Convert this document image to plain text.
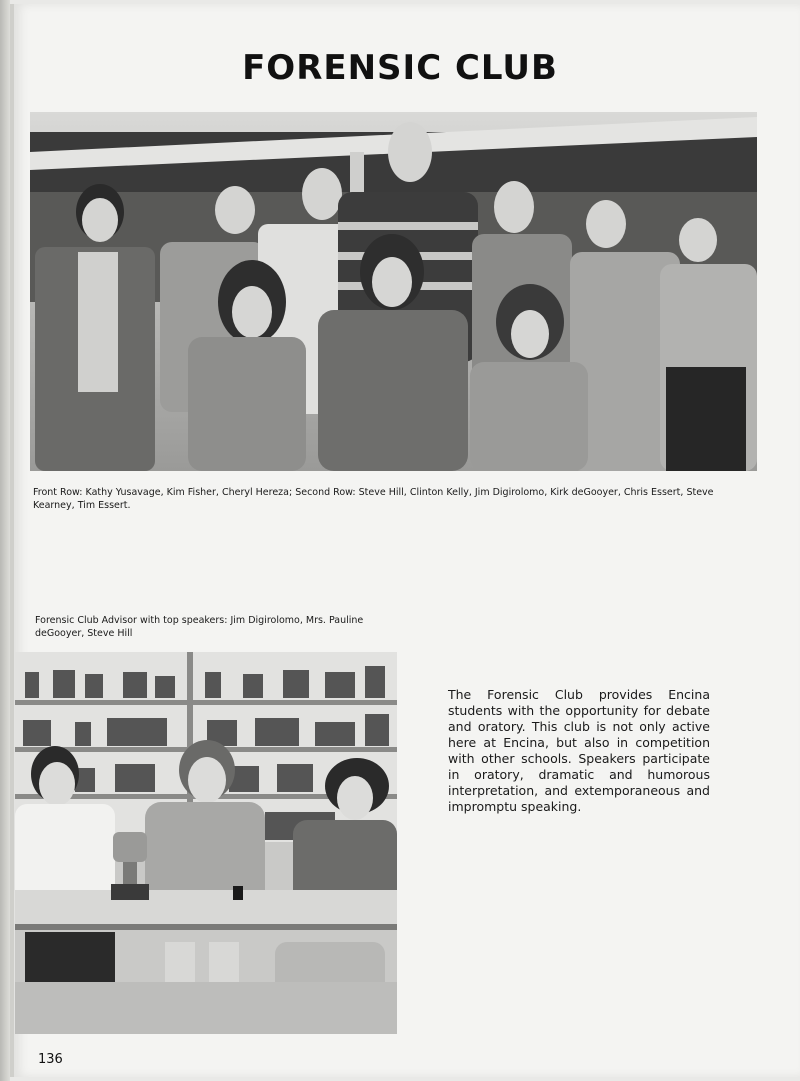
FORENSIC CLUB
Front Row: Kathy Yusavage, Kim Fisher, Cheryl Hereza; Second Row: Steve Hill, Clinton Kelly, Jim Digirolomo, Kirk deGooyer, Chris Essert, Steve Kearney, Tim Essert.
Forensic Club Advisor with top speakers: Jim Digirolomo, Mrs. Pauline deGooyer, Steve Hill
The Forensic Club provides Encina students with the opportunity for debate and oratory. This club is not only active here at Encina, but also in competition with other schools. Speakers participate in oratory, dramatic and humorous interpretation, and extemporaneous and impromptu speaking.
136
